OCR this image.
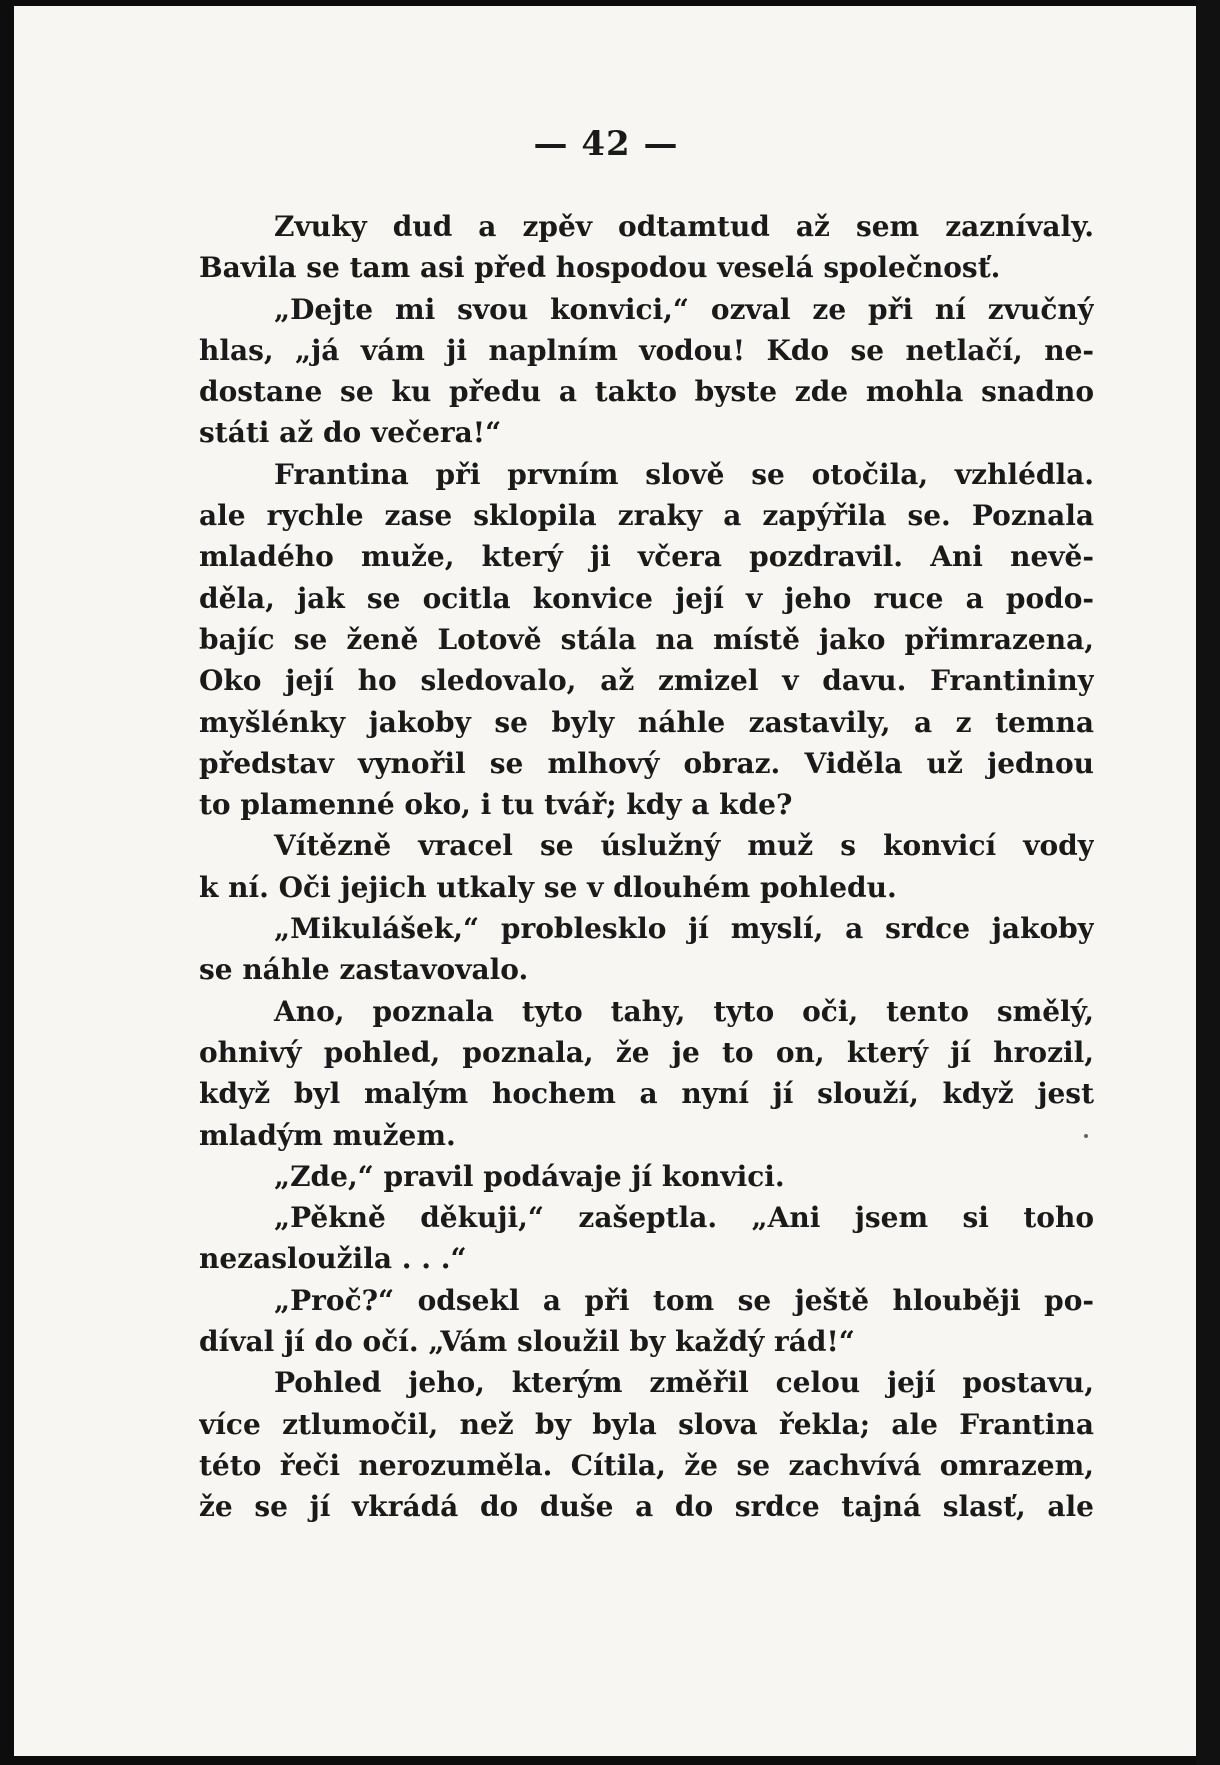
— 42 —
Zvuky dud a zpěv odtamtud až sem zaznívaly.
Bavila se tam asi před hospodou veselá společnosť.
„Dejte mi svou konvici,“ ozval ze při ní zvučný
hlas, „já vám ji naplním vodou! Kdo se netlačí, ne-
dostane se ku předu a takto byste zde mohla snadno
státi až do večera!“
Frantina při prvním slově se otočila, vzhlédla.
ale rychle zase sklopila zraky a zapýřila se. Poznala
mladého muže, který ji včera pozdravil. Ani nevě-
děla, jak se ocitla konvice její v jeho ruce a podo-
bajíc se ženě Lotově stála na místě jako přimrazena,
Oko její ho sledovalo, až zmizel v davu. Frantininy
myšlénky jakoby se byly náhle zastavily, a z temna
představ vynořil se mlhový obraz. Viděla už jednou
to plamenné oko, i tu tvář; kdy a kde?
Vítězně vracel se úslužný muž s konvicí vody
k ní. Oči jejich utkaly se v dlouhém pohledu.
„Mikulášek,“ problesklo jí myslí, a srdce jakoby
se náhle zastavovalo.
Ano, poznala tyto tahy, tyto oči, tento smělý,
ohnivý pohled, poznala, že je to on, který jí hrozil,
když byl malým hochem a nyní jí slouží, když jest
mladým mužem.
„Zde,“ pravil podávaje jí konvici.
„Pěkně děkuji,“ zašeptla. „Ani jsem si toho
nezasloužila . . .“
„Proč?“ odsekl a při tom se ještě hlouběji po-
díval jí do očí. „Vám sloužil by každý rád!“
Pohled jeho, kterým změřil celou její postavu,
více ztlumočil, než by byla slova řekla; ale Frantina
této řeči nerozuměla. Cítila, že se zachvívá omrazem,
že se jí vkrádá do duše a do srdce tajná slasť, ale
